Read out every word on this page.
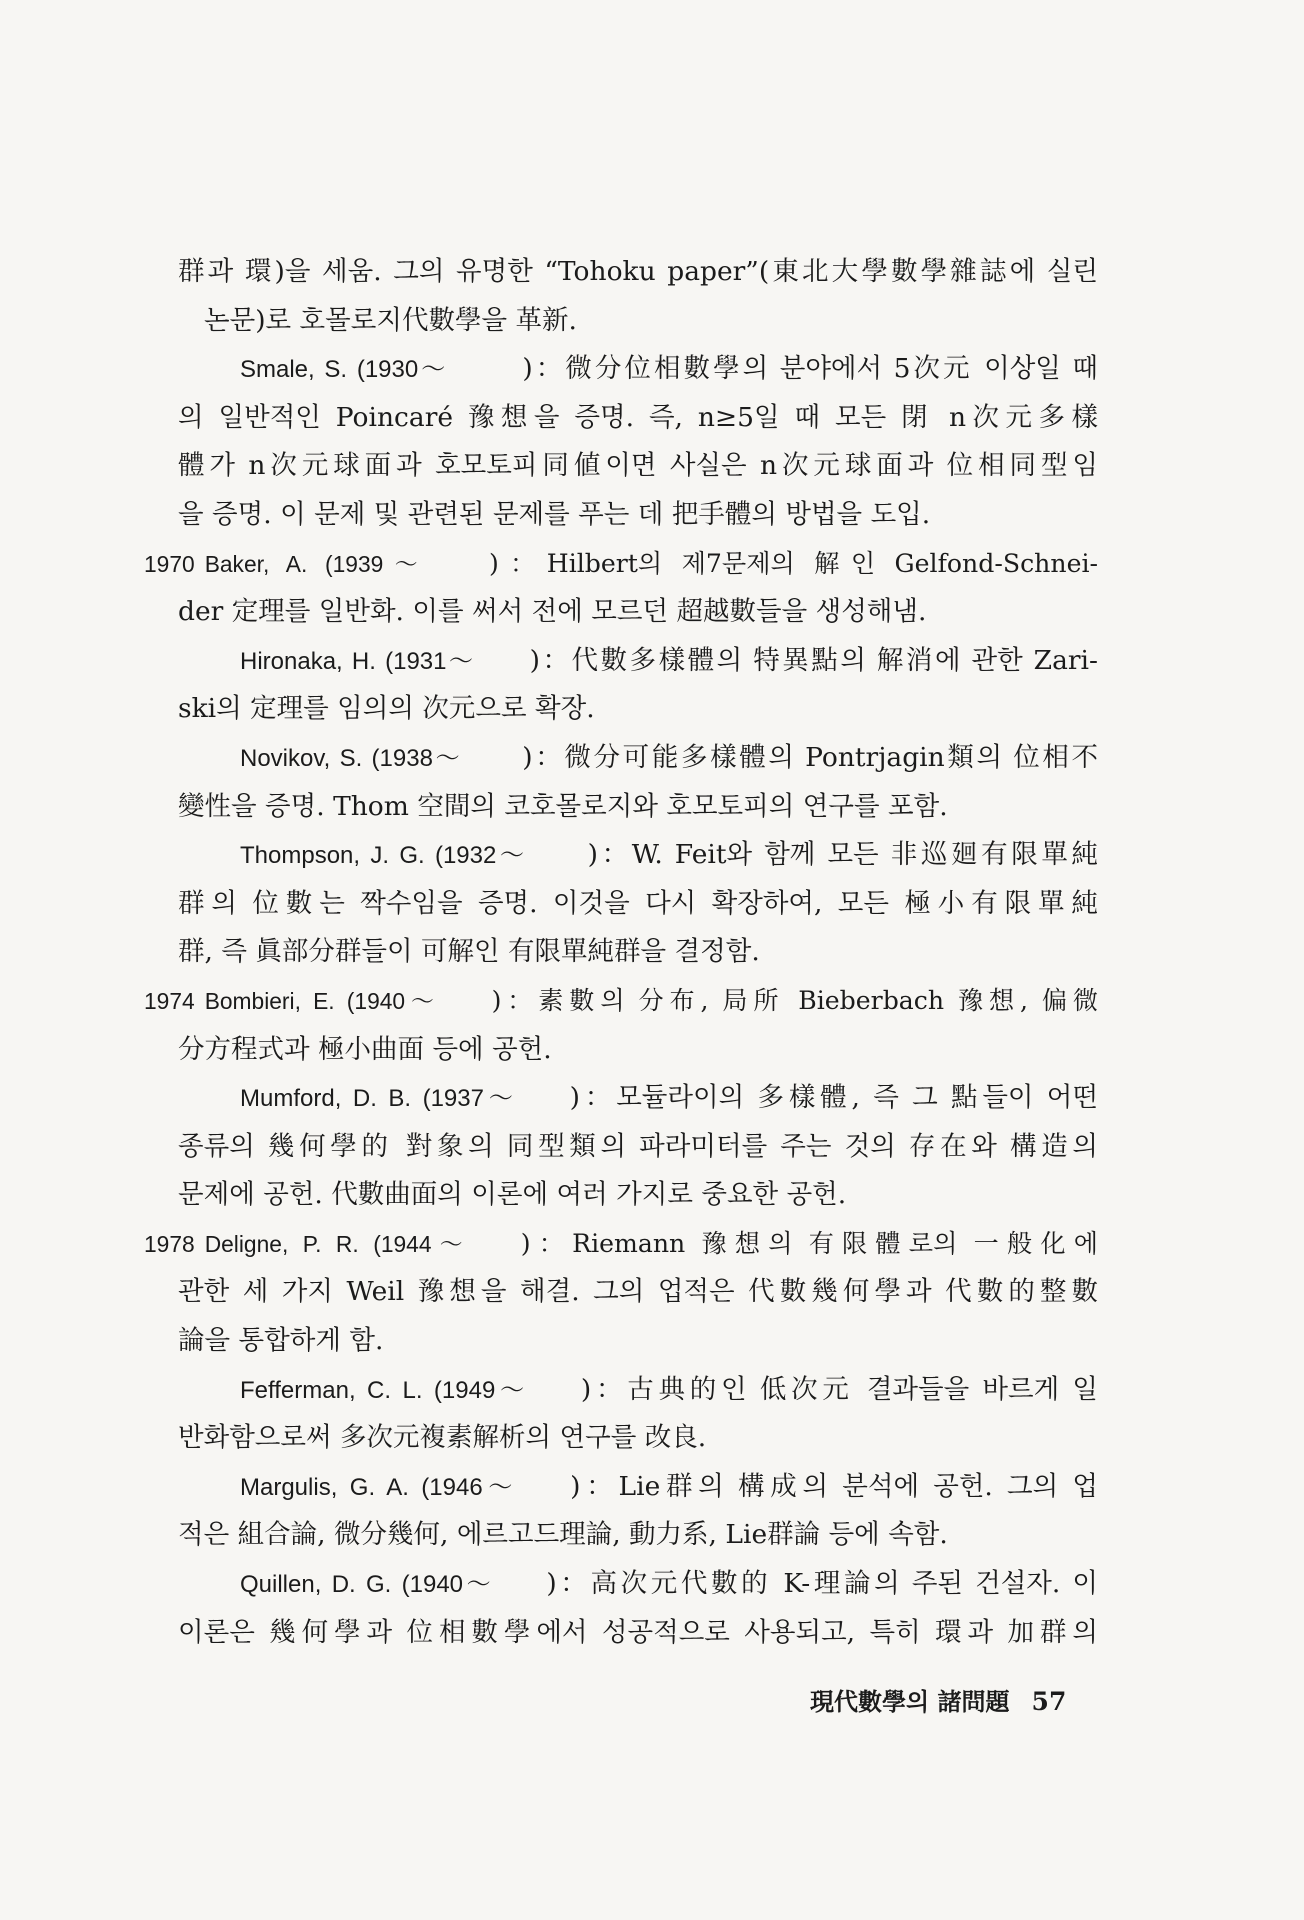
群과 環)을 세움. 그의 유명한 “Tohoku paper”(東北大學數學雜誌에 실린
논문)로 호몰로지代數學을 革新.
Smale, S. (1930～	)：微分位相數學의 분야에서 5次元 이상일 때
의 일반적인 Poincaré 豫想을 증명. 즉, n≥5일 때 모든 閉 n次元多樣
體가 n次元球面과 호모토피同値이면 사실은 n次元球面과 位相同型임
을 증명. 이 문제 및 관련된 문제를 푸는 데 把手體의 방법을 도입.
1970 Baker, A. (1939～ )：Hilbert의 제7문제의 解인 Gelfond-Schnei-
der 定理를 일반화. 이를 써서 전에 모르던 超越數들을 생성해냄.
Hironaka, H. (1931～ )：代數多樣體의 特異點의 解消에 관한 Zari-
ski의 定理를 임의의 次元으로 확장.
Novikov, S. (1938～ )：微分可能多樣體의 Pontrjagin類의 位相不
變性을 증명. Thom 空間의 코호몰로지와 호모토피의 연구를 포함.
Thompson, J. G. (1932～ )：W. Feit와 함께 모든 非巡廻有限單純
群의 位數는 짝수임을 증명. 이것을 다시 확장하여, 모든 極小有限單純
群, 즉 眞部分群들이 可解인 有限單純群을 결정함.
1974 Bombieri, E. (1940～ )：素數의 分布, 局所 Bieberbach 豫想, 偏微
分方程式과 極小曲面 등에 공헌.
Mumford, D. B. (1937～ )：모듈라이의 多樣體, 즉 그 點들이 어떤
종류의 幾何學的 對象의 同型類의 파라미터를 주는 것의 存在와 構造의
문제에 공헌. 代數曲面의 이론에 여러 가지로 중요한 공헌.
1978 Deligne, P. R. (1944～ )：Riemann 豫想의 有限體로의 一般化에
관한 세 가지 Weil 豫想을 해결. 그의 업적은 代數幾何學과 代數的整數
論을 통합하게 함.
Fefferman, C. L. (1949～ )：古典的인 低次元 결과들을 바르게 일
반화함으로써 多次元複素解析의 연구를 改良.
Margulis, G. A. (1946～ )：Lie群의 構成의 분석에 공헌. 그의 업
적은 組合論, 微分幾何, 에르고드理論, 動力系, Lie群論 등에 속함.
Quillen, D. G. (1940～ )：高次元代數的 K-理論의 주된 건설자. 이
이론은 幾何學과 位相數學에서 성공적으로 사용되고, 특히 環과 加群의
現代數學의 諸問題 57
